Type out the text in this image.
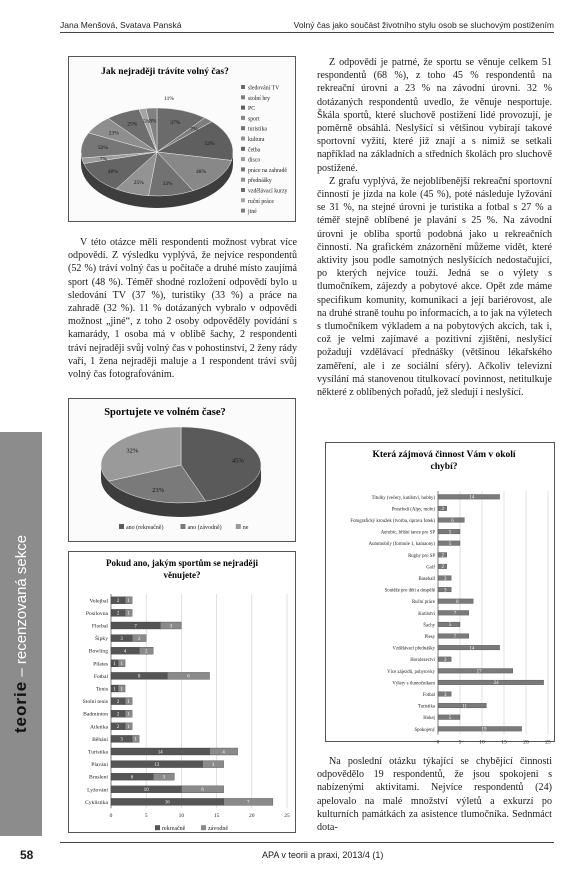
Jana Menšová, Svatava Panská	Volný čas jako součást životního stylu osob se sluchovým postižením
teorie – recenzovaná sekce
Jak nejraději trávíte volný čas?
37%
7%
52%
48%
33%
25%
40%
7%
32%
23%
25% 5% 8%
11%
sledování TV
stolní hry
PC
sport
turistika
kultura
četba
disco
práce na zahradě
přednášky
vzdělávací kurzy
ruční práce
jiné

V této otázce měli respondenti možnost vybrat více odpovědí. Z výsledku vyplývá, že nejvíce respondentů (52 %) tráví volný čas u počítače a druhé místo zaujímá sport (48 %). Téměř shodné rozložení odpovědí bylo u sledování TV (37 %), turistiky (33 %) a práce na zahradě (32 %). 11 % dotázaných vybralo v odpovědi možnost „jiné“, z toho 2 osoby odpověděly povídání s kamarády, 1 osoba má v oblibě šachy, 2 respondenti tráví nejraději svůj volný čas v pohostinství, 2 ženy rády vaří, 1 žena nejraději maluje a 1 respondent tráví svůj volný čas fotografováním.

Sportujete ve volném čase?
45%
23%
32%
ano (rekreačně)	ano (závodně)	ne
Pokud ano, jakým sportům se nejraději
věnujete?
0	5	10	15	20	25
Volejbal 2 1
Posilovna 2 1
Florbal	7	3
Šipky	3	2
Bowling	4	2
Pilates 1 1
Fotbal	8	6
Tenis 1 1
Stolní tenis 2 1
Badminton 2 1
Atletika 2 1
Běhání	3 1
Turistika	14	4
Plavání	13	3
Bruslení	6	3
Lyžování	10	6
Cyklistika	16	7
rekreačně	závodně

Z odpovědí je patrné, že sportu se věnuje celkem 51 respondentů (68 %), z toho 45 % respondentů na rekreační úrovni a 23 % na závodní úrovni. 32 % dotázaných respondentů uvedlo, že věnuje nesportuje. Škála sportů, které sluchově postižení lidé provozují, je poměrně obsáhlá. Neslyšící si většinou vybírají takové sportovní vyžití, které již znají a s nimiž se setkali například na základních a středních školách pro sluchově postižené.

Z grafu vyplývá, že nejoblíbenější rekreační sportovní činností je jízda na kole (45 %), poté následuje lyžování se 31 %, na stejné úrovni je turistika a fotbal s 27 % a téměř stejně oblíbené je plavání s 25 %. Na závodní úrovni je obliba sportů podobná jako u rekreačních činností. Na grafickém znázornění můžeme vidět, které aktivity jsou podle samotných neslyšících nedostačující, po kterých nejvíce touží. Jedná se o výlety s tlumočníkem, zájezdy a pobytové akce. Opět zde máme specifikum komunity, komunikaci a její bariérovost, ale na druhé straně touhu po informacích, a to jak na výletech s tlumočníkem výkladem a na pobytových akcích, tak i, což je velmi zajímavé a pozitivní zjištění, neslyšící požadují vzdělávací přednášky (většinou lékařského zaměření, ale i ze sociální sféry). Ačkoliv televizní vysílání má stanovenou titulkovací povinnost, netitulkuje některé z oblíbených pořadů, jež sledují i neslyšící.

Která zájmová činnost Vám v okolí
chybí?
0	5	10	15	20	25
Titulky (večery, kutilství, hobby)	14
Prostředí (Alpy, moře) 2
Fotografický kroužek (tvorba, úprava fotek)	6
Aerobic, břišní tance pro SP	5
Automobily (formule 1, kamaony)	5
Rugby pro SP 2
Golf 2
Baseball 3
Soutěže pro děti a dospělé 3
Ruční práce	8
Kutilství	7
Šachy	5
Plesy	7
Vzdělávací přednášky	14
Horolezectví 3
Více zájezdů, pobytovky	17
Výlety s tlumočníkem	24
Fotbal 3
Turistika	11
Hokej	5
Spokojený	19

Na poslední otázku týkající se chybějící činnosti odpovědělo 19 respondentů, že jsou spokojeni s nabízenými aktivitami. Nejvíce respondentů (24) apelovalo na malé množství výletů a exkurzí po kulturních památkách za asistence tlumočníka. Sednmáct dota-

58	APA v teorii a praxi, 2013/4 (1)
